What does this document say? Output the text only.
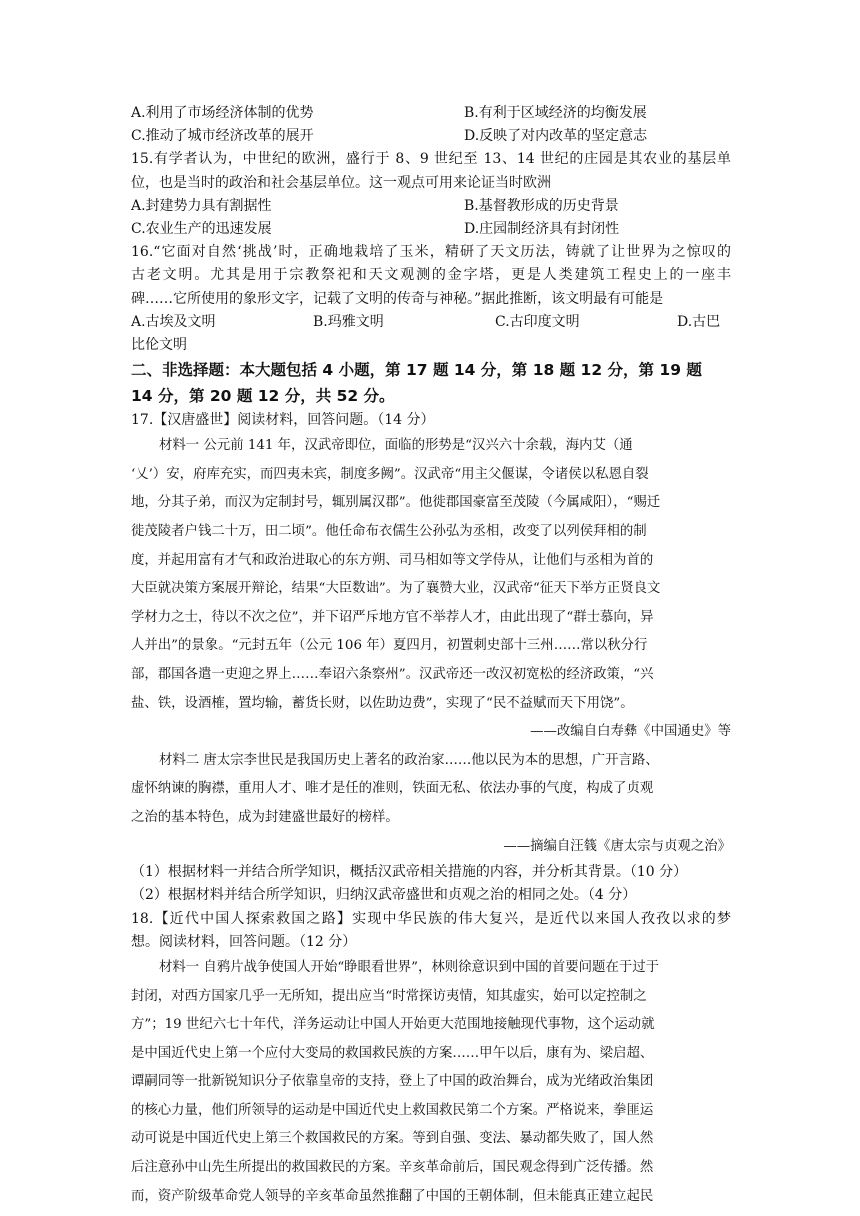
A.利用了市场经济体制的优势	B.有利于区域经济的均衡发展
C.推动了城市经济改革的展开	D.反映了对内改革的坚定意志
15.有学者认为，中世纪的欧洲，盛行于 8、9 世纪至 13、14 世纪的庄园是其农业的基层单
位，也是当时的政治和社会基层单位。这一观点可用来论证当时欧洲
A.封建势力具有割据性	B.基督教形成的历史背景
C.农业生产的迅速发展	D.庄园制经济具有封闭性
16.“它面对自然‘挑战’时，正确地栽培了玉米，精研了天文历法，铸就了让世界为之惊叹的
古老文明。尤其是用于宗教祭祀和天文观测的金字塔，更是人类建筑工程史上的一座丰
碑……它所使用的象形文字，记载了文明的传奇与神秘。”据此推断，该文明最有可能是
A.古埃及文明	B.玛雅文明	C.古印度文明	D.古巴
比伦文明
二、非选择题：本大题包括 4 小题，第 17 题 14 分，第 18 题 12 分，第 19 题
14 分，第 20 题 12 分，共 52 分。
17.【汉唐盛世】阅读材料，回答问题。（14 分）
材料一 公元前 141 年，汉武帝即位，面临的形势是“汉兴六十余载，海内艾（通
‘乂’）安，府库充实，而四夷未宾，制度多阙”。汉武帝“用主父偃谋，令诸侯以私恩自裂
地，分其子弟，而汉为定制封号，辄别属汉郡”。他徙郡国豪富至茂陵（今属咸阳），“赐迁
徙茂陵者户钱二十万，田二顷”。他任命布衣儒生公孙弘为丞相，改变了以列侯拜相的制
度，并起用富有才气和政治进取心的东方朔、司马相如等文学侍从，让他们与丞相为首的
大臣就决策方案展开辩论，结果“大臣数诎”。为了襄赞大业，汉武帝“征天下举方正贤良文
学材力之士，待以不次之位”，并下诏严斥地方官不举荐人才，由此出现了“群士慕向，异
人并出”的景象。“元封五年（公元 106 年）夏四月，初置刺史部十三州……常以秋分行
部，郡国各遣一吏迎之界上……奉诏六条察州”。汉武帝还一改汉初宽松的经济政策，“兴
盐、铁，设酒榷，置均输，蓄货长财，以佐助边费”，实现了“民不益赋而天下用饶”。
——改编自白寿彝《中国通史》等
材料二 唐太宗李世民是我国历史上著名的政治家……他以民为本的思想，广开言路、
虚怀纳谏的胸襟，重用人才、唯才是任的准则，铁面无私、依法办事的气度，构成了贞观
之治的基本特色，成为封建盛世最好的榜样。
——摘编自汪篯《唐太宗与贞观之治》
（1）根据材料一并结合所学知识，概括汉武帝相关措施的内容，并分析其背景。（10 分）
（2）根据材料并结合所学知识，归纳汉武帝盛世和贞观之治的相同之处。（4 分）
18.【近代中国人探索救国之路】实现中华民族的伟大复兴，是近代以来国人孜孜以求的梦
想。阅读材料，回答问题。（12 分）
材料一 自鸦片战争使国人开始“睁眼看世界”，林则徐意识到中国的首要问题在于过于
封闭，对西方国家几乎一无所知，提出应当“时常探访夷情，知其虚实，始可以定控制之
方”；19 世纪六七十年代，洋务运动让中国人开始更大范围地接触现代事物，这个运动就
是中国近代史上第一个应付大变局的救国救民族的方案……甲午以后，康有为、梁启超、
谭嗣同等一批新锐知识分子依靠皇帝的支持，登上了中国的政治舞台，成为光绪政治集团
的核心力量，他们所领导的运动是中国近代史上救国救民第二个方案。严格说来，拳匪运
动可说是中国近代史上第三个救国救民的方案。等到自强、变法、暴动都失败了，国人然
后注意孙中山先生所提出的救国救民的方案。辛亥革命前后，国民观念得到广泛传播。然
而，资产阶级革命党人领导的辛亥革命虽然推翻了中国的王朝体制，但未能真正建立起民
